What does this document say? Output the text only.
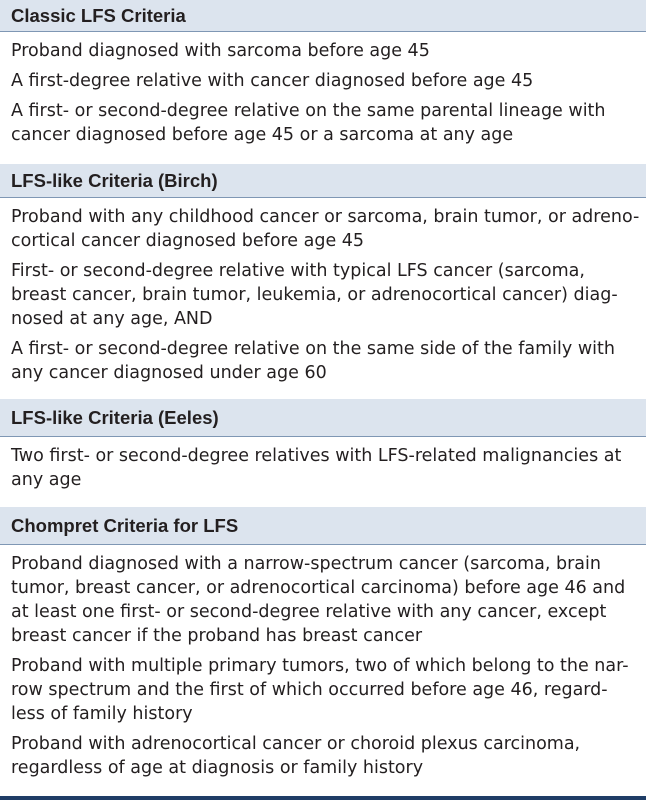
Classic LFS Criteria
Proband diagnosed with sarcoma before age 45
A first-degree relative with cancer diagnosed before age 45
A first- or second-degree relative on the same parental lineage with
cancer diagnosed before age 45 or a sarcoma at any age
LFS-like Criteria (Birch)
Proband with any childhood cancer or sarcoma, brain tumor, or adreno-
cortical cancer diagnosed before age 45
First- or second-degree relative with typical LFS cancer (sarcoma,
breast cancer, brain tumor, leukemia, or adrenocortical cancer) diag-
nosed at any age, AND
A first- or second-degree relative on the same side of the family with
any cancer diagnosed under age 60
LFS-like Criteria (Eeles)
Two first- or second-degree relatives with LFS-related malignancies at
any age
Chompret Criteria for LFS
Proband diagnosed with a narrow-spectrum cancer (sarcoma, brain
tumor, breast cancer, or adrenocortical carcinoma) before age 46 and
at least one first- or second-degree relative with any cancer, except
breast cancer if the proband has breast cancer
Proband with multiple primary tumors, two of which belong to the nar-
row spectrum and the first of which occurred before age 46, regard-
less of family history
Proband with adrenocortical cancer or choroid plexus carcinoma,
regardless of age at diagnosis or family history
